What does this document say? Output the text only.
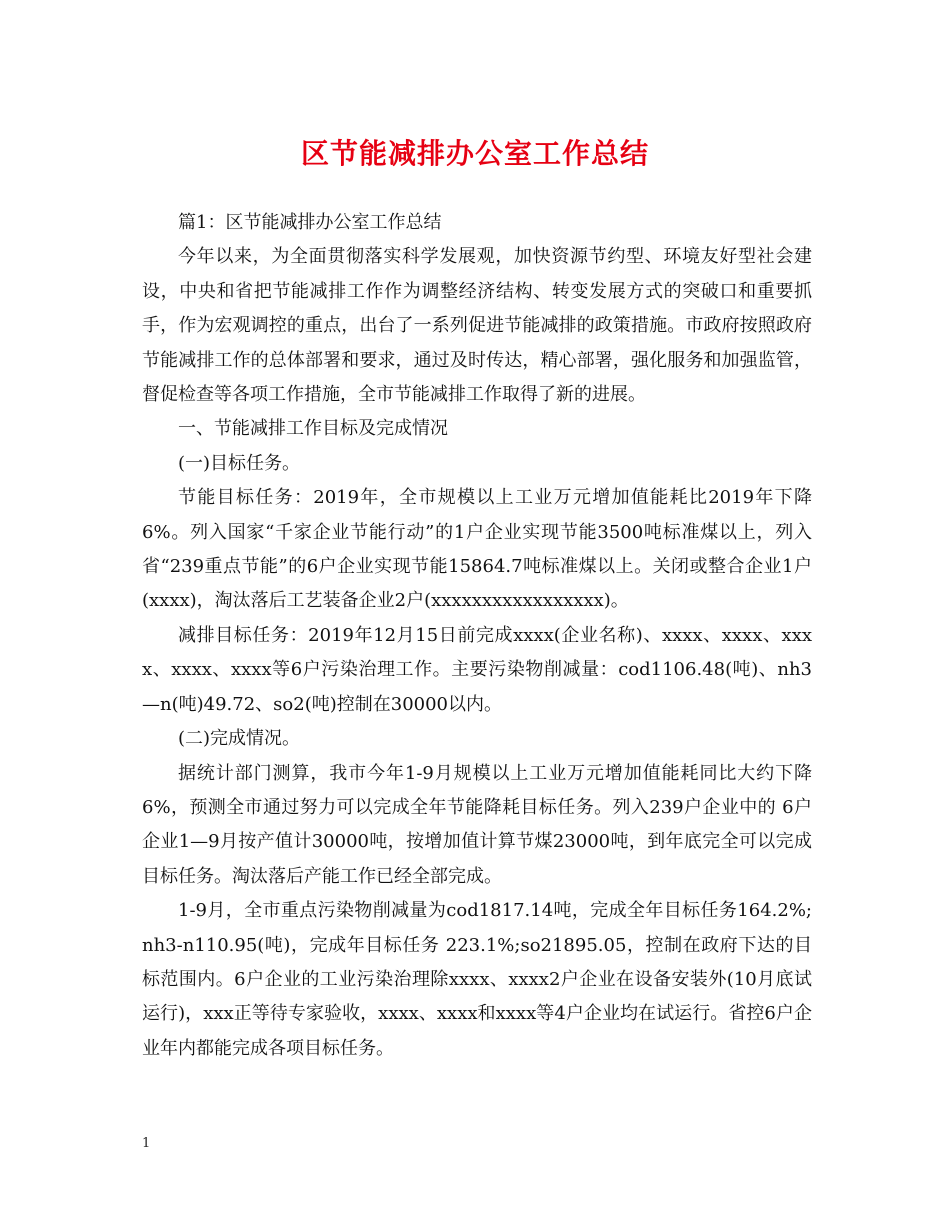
区节能减排办公室工作总结

篇1：区节能减排办公室工作总结

今年以来，为全面贯彻落实科学发展观，加快资源节约型、环境友好型社会建设，中央和省把节能减排工作作为调整经济结构、转变发展方式的突破口和重要抓手，作为宏观调控的重点，出台了一系列促进节能减排的政策措施。市政府按照政府节能减排工作的总体部署和要求，通过及时传达，精心部署，强化服务和加强监管，督促检查等各项工作措施，全市节能减排工作取得了新的进展。

一、节能减排工作目标及完成情况

(一)目标任务。

节能目标任务：2019年，全市规模以上工业万元增加值能耗比2019年下降6%。列入国家“千家企业节能行动”的1户企业实现节能3500吨标准煤以上，列入省“239重点节能”的6户企业实现节能15864.7吨标准煤以上。关闭或整合企业1户(xxxx)，淘汰落后工艺装备企业2户(xxxxxxxxxxxxxxxxx)。

减排目标任务：2019年12月15日前完成xxxx(企业名称)、xxxx、xxxx、xxxx、xxxx、xxxx等6户污染治理工作。主要污染物削减量：cod1106.48(吨)、nh3—n(吨)49.72、so2(吨)控制在30000以内。

(二)完成情况。

据统计部门测算，我市今年1-9月规模以上工业万元增加值能耗同比大约下降6%，预测全市通过努力可以完成全年节能降耗目标任务。列入239户企业中的 6户企业1—9月按产值计30000吨，按增加值计算节煤23000吨，到年底完全可以完成目标任务。淘汰落后产能工作已经全部完成。

1-9月，全市重点污染物削减量为cod1817.14吨，完成全年目标任务164.2%;nh3-n110.95(吨)，完成年目标任务 223.1%;so21895.05，控制在政府下达的目标范围内。6户企业的工业污染治理除xxxx、xxxx2户企业在设备安装外(10月底试运行)，xxx正等待专家验收，xxxx、xxxx和xxxx等4户企业均在试运行。省控6户企业年内都能完成各项目标任务。

1
